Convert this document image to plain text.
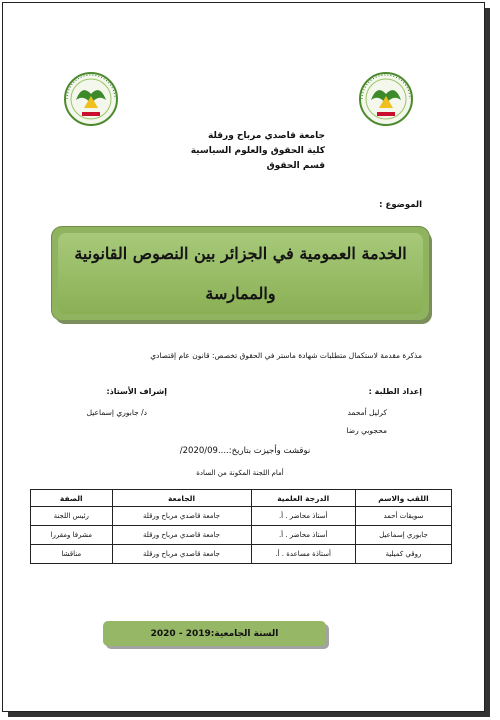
جامعة قاصدي مرباح ورقلة
كلية الحقوق والعلوم السياسية
قسم الحقوق
الموضوع :
الخدمة العمومية في الجزائر بين النصوص القانونية والممارسة
مذكرة مقدمة لاستكمال متطلبات شهادة ماستر في الحقوق تخصص: قانون عام إقتصادي
إعداد الطلبة :
إشراف الأستاذ:
كرليل أمحمد
محجوبي رضا
د/ جابوري إسماعيل
نوقشت وأجيزت بتاريخ:....2020/09/
أمام اللجنة المكونة من السادة
اللقب والاسم	الدرجة العلمية	الجامعة	الصفة
سويقات أحمد	أستاذ محاضر . أ.	جامعة قاصدي مرباح ورقلة	رئيس اللجنة
جابوري إسماعيل	أستاذ محاضر . أ.	جامعة قاصدي مرباح ورقلة	مشرفا ومقررا
روقي كميلية	أستاذة مساعدة . أ.	جامعة قاصدي مرباح ورقلة	مناقشا
السنة الجامعية:2019 - 2020
